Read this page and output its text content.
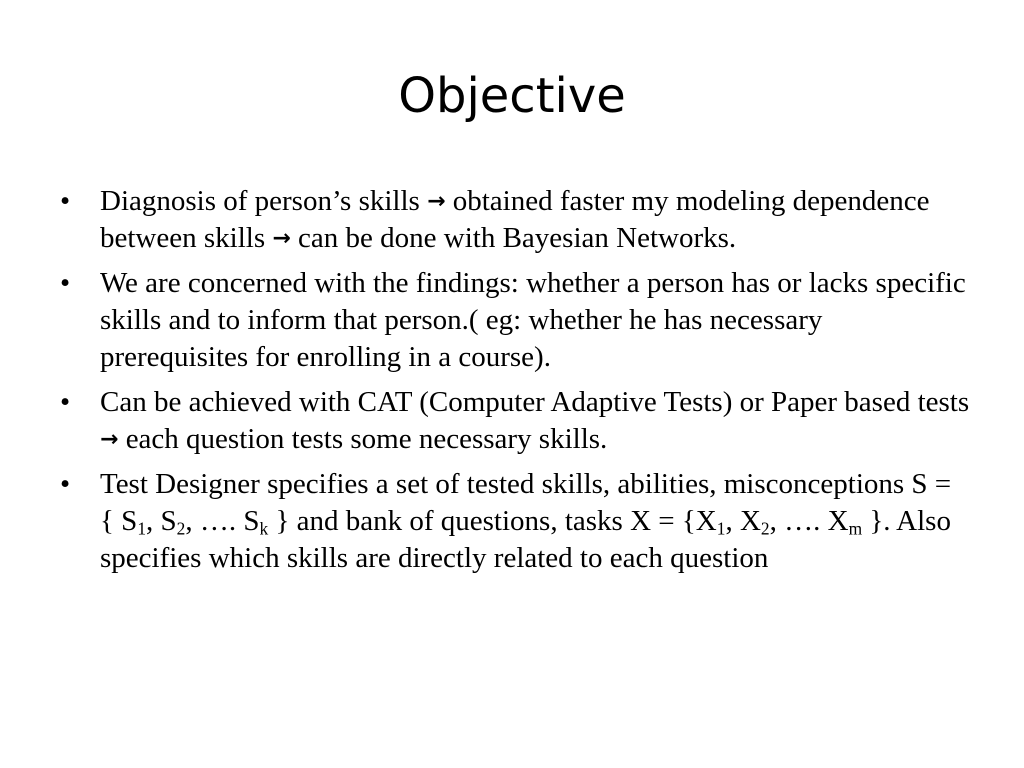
Objective
•	Diagnosis of person’s skills → obtained faster my modeling dependence between skills → can be done with Bayesian Networks.
•	We are concerned with the findings: whether a person has or lacks specific skills and to inform that person.( eg: whether he has necessary prerequisites for enrolling in a course).
•	Can be achieved with CAT (Computer Adaptive Tests) or Paper based tests → each question tests some necessary skills.
•	Test Designer specifies a set of tested skills, abilities, misconceptions S = { $S_1$, $S_2$, …. $S_k$ } and bank of questions, tasks $X = \{X_1$, $X_2$, …. $X_m$ }. Also specifies which skills are directly related to each question
